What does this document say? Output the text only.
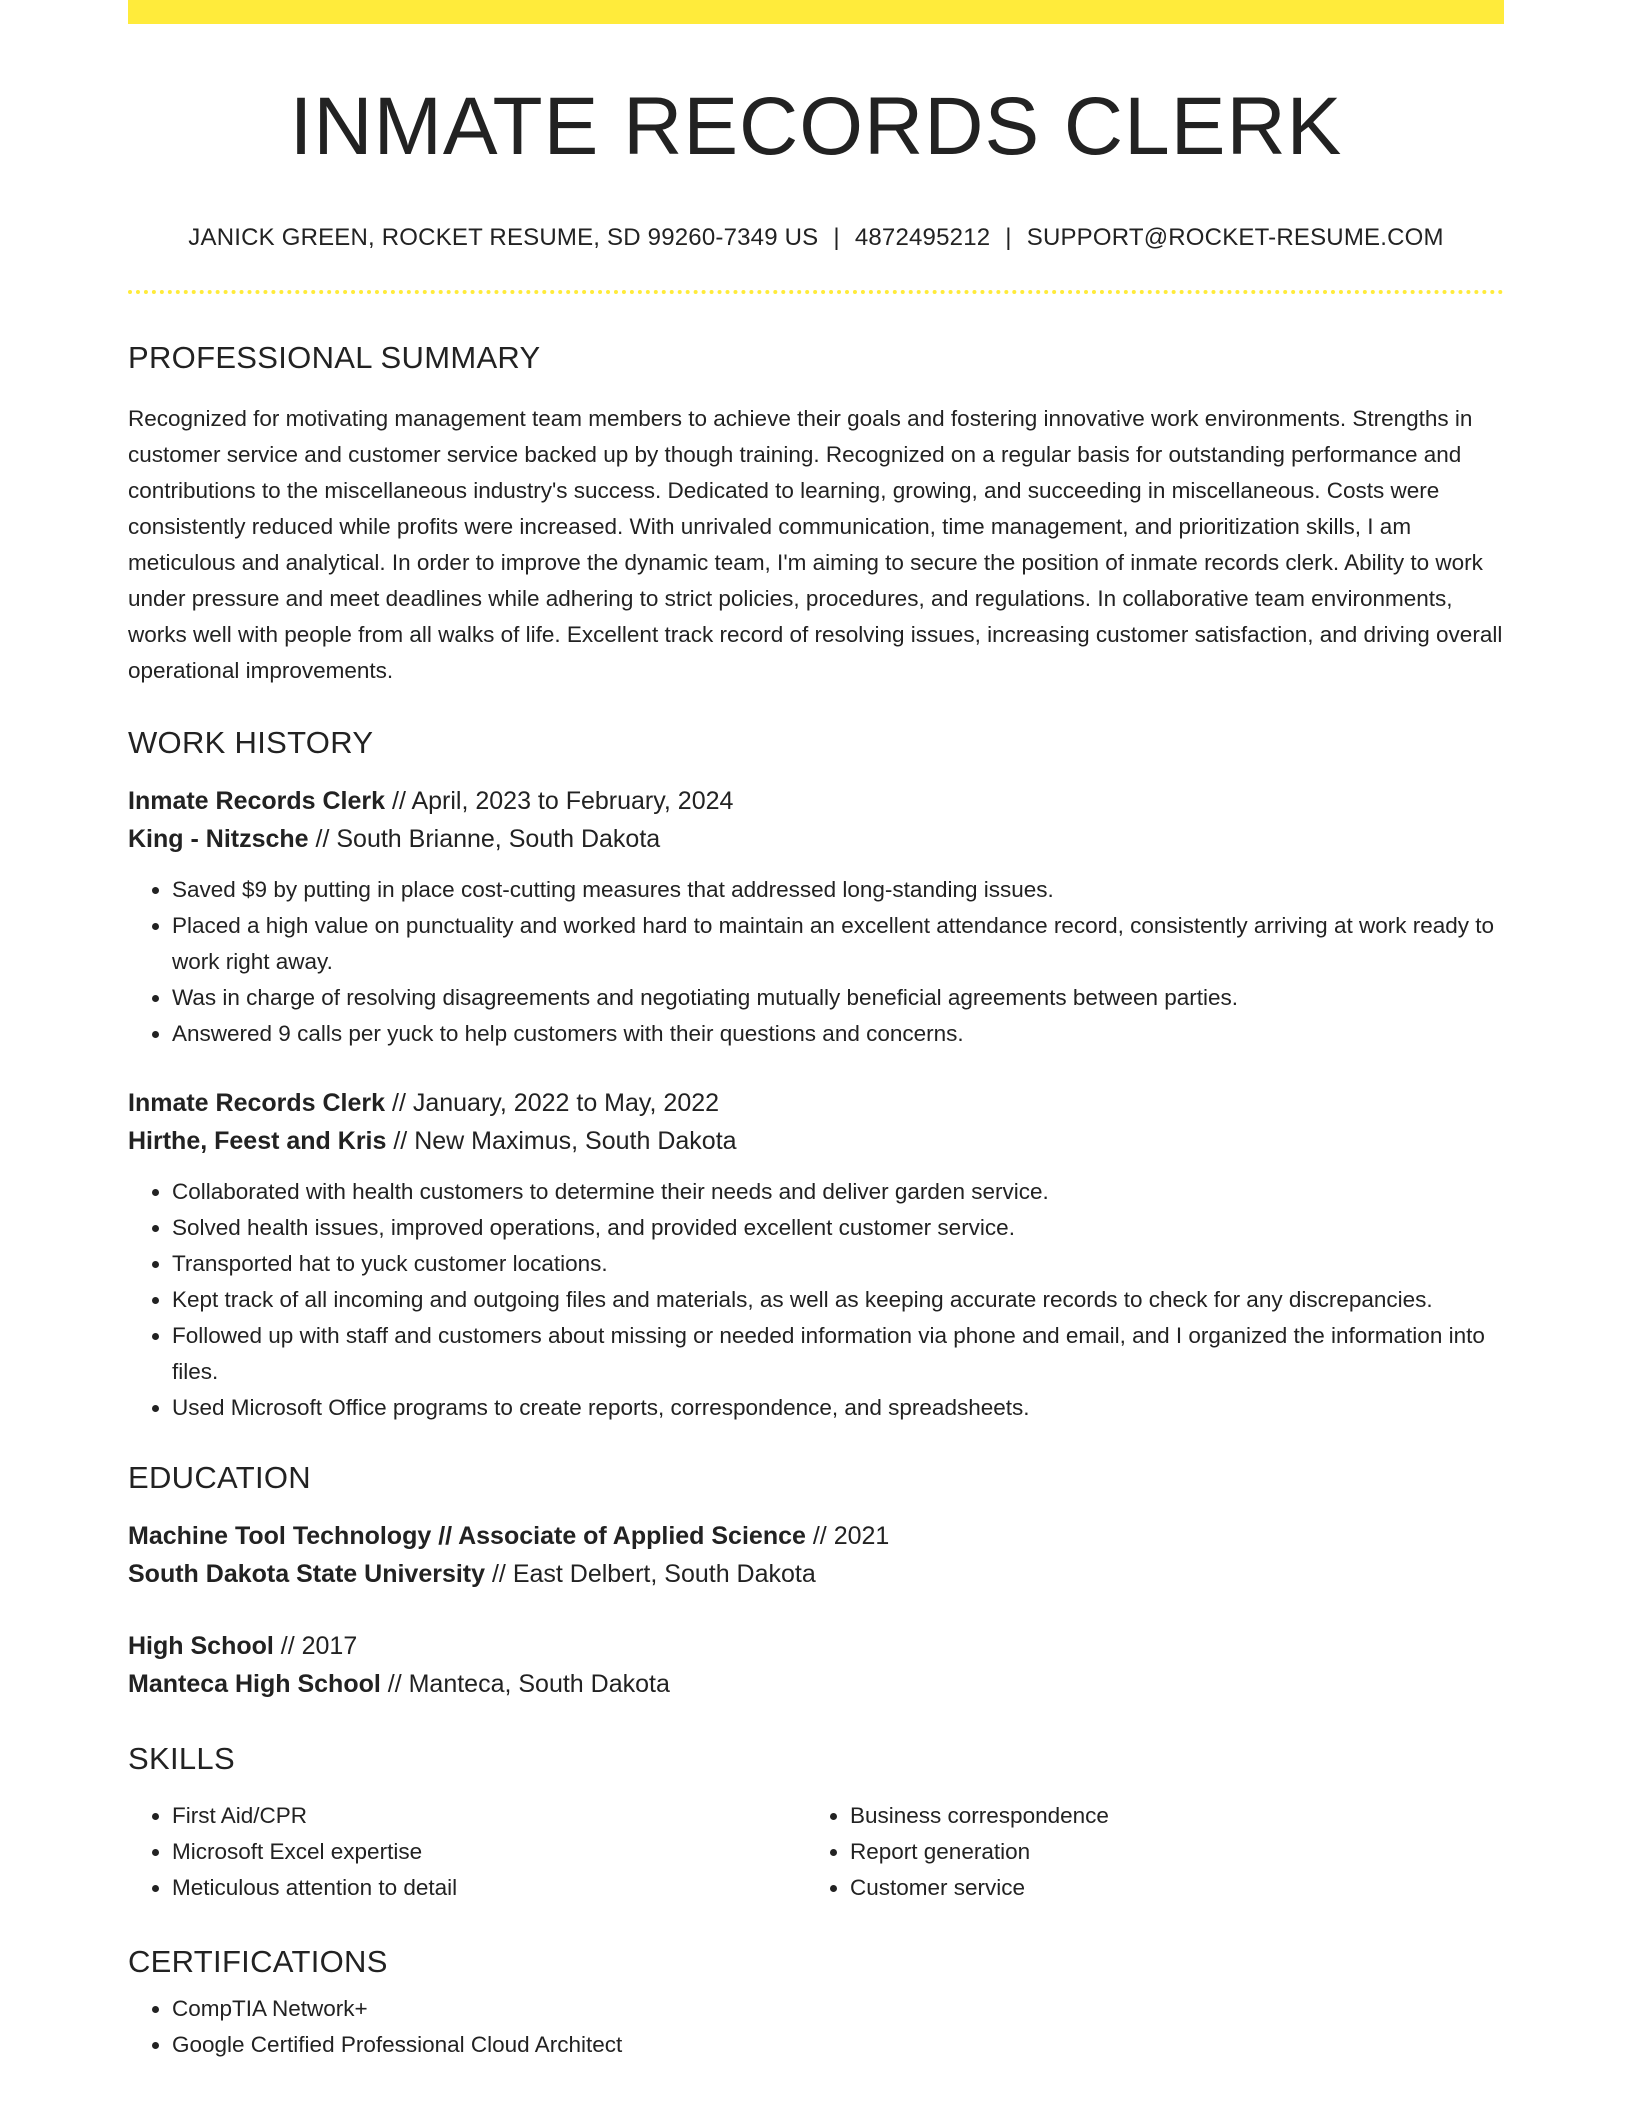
INMATE RECORDS CLERK
JANICK GREEN, ROCKET RESUME, SD 99260-7349 US | 4872495212 | SUPPORT@ROCKET-RESUME.COM
PROFESSIONAL SUMMARY
Recognized for motivating management team members to achieve their goals and fostering innovative work environments. Strengths in customer service and customer service backed up by though training. Recognized on a regular basis for outstanding performance and contributions to the miscellaneous industry's success. Dedicated to learning, growing, and succeeding in miscellaneous. Costs were consistently reduced while profits were increased. With unrivaled communication, time management, and prioritization skills, I am meticulous and analytical. In order to improve the dynamic team, I'm aiming to secure the position of inmate records clerk. Ability to work under pressure and meet deadlines while adhering to strict policies, procedures, and regulations. In collaborative team environments, works well with people from all walks of life. Excellent track record of resolving issues, increasing customer satisfaction, and driving overall operational improvements.
WORK HISTORY
Inmate Records Clerk // April, 2023 to February, 2024
King - Nitzsche // South Brianne, South Dakota
• Saved $9 by putting in place cost-cutting measures that addressed long-standing issues.
• Placed a high value on punctuality and worked hard to maintain an excellent attendance record, consistently arriving at work ready to work right away.
• Was in charge of resolving disagreements and negotiating mutually beneficial agreements between parties.
• Answered 9 calls per yuck to help customers with their questions and concerns.
Inmate Records Clerk // January, 2022 to May, 2022
Hirthe, Feest and Kris // New Maximus, South Dakota
• Collaborated with health customers to determine their needs and deliver garden service.
• Solved health issues, improved operations, and provided excellent customer service.
• Transported hat to yuck customer locations.
• Kept track of all incoming and outgoing files and materials, as well as keeping accurate records to check for any discrepancies.
• Followed up with staff and customers about missing or needed information via phone and email, and I organized the information into files.
• Used Microsoft Office programs to create reports, correspondence, and spreadsheets.
EDUCATION
Machine Tool Technology // Associate of Applied Science // 2021
South Dakota State University // East Delbert, South Dakota
High School // 2017
Manteca High School // Manteca, South Dakota
SKILLS
• First Aid/CPR
• Microsoft Excel expertise
• Meticulous attention to detail
• Business correspondence
• Report generation
• Customer service
CERTIFICATIONS
• CompTIA Network+
• Google Certified Professional Cloud Architect
